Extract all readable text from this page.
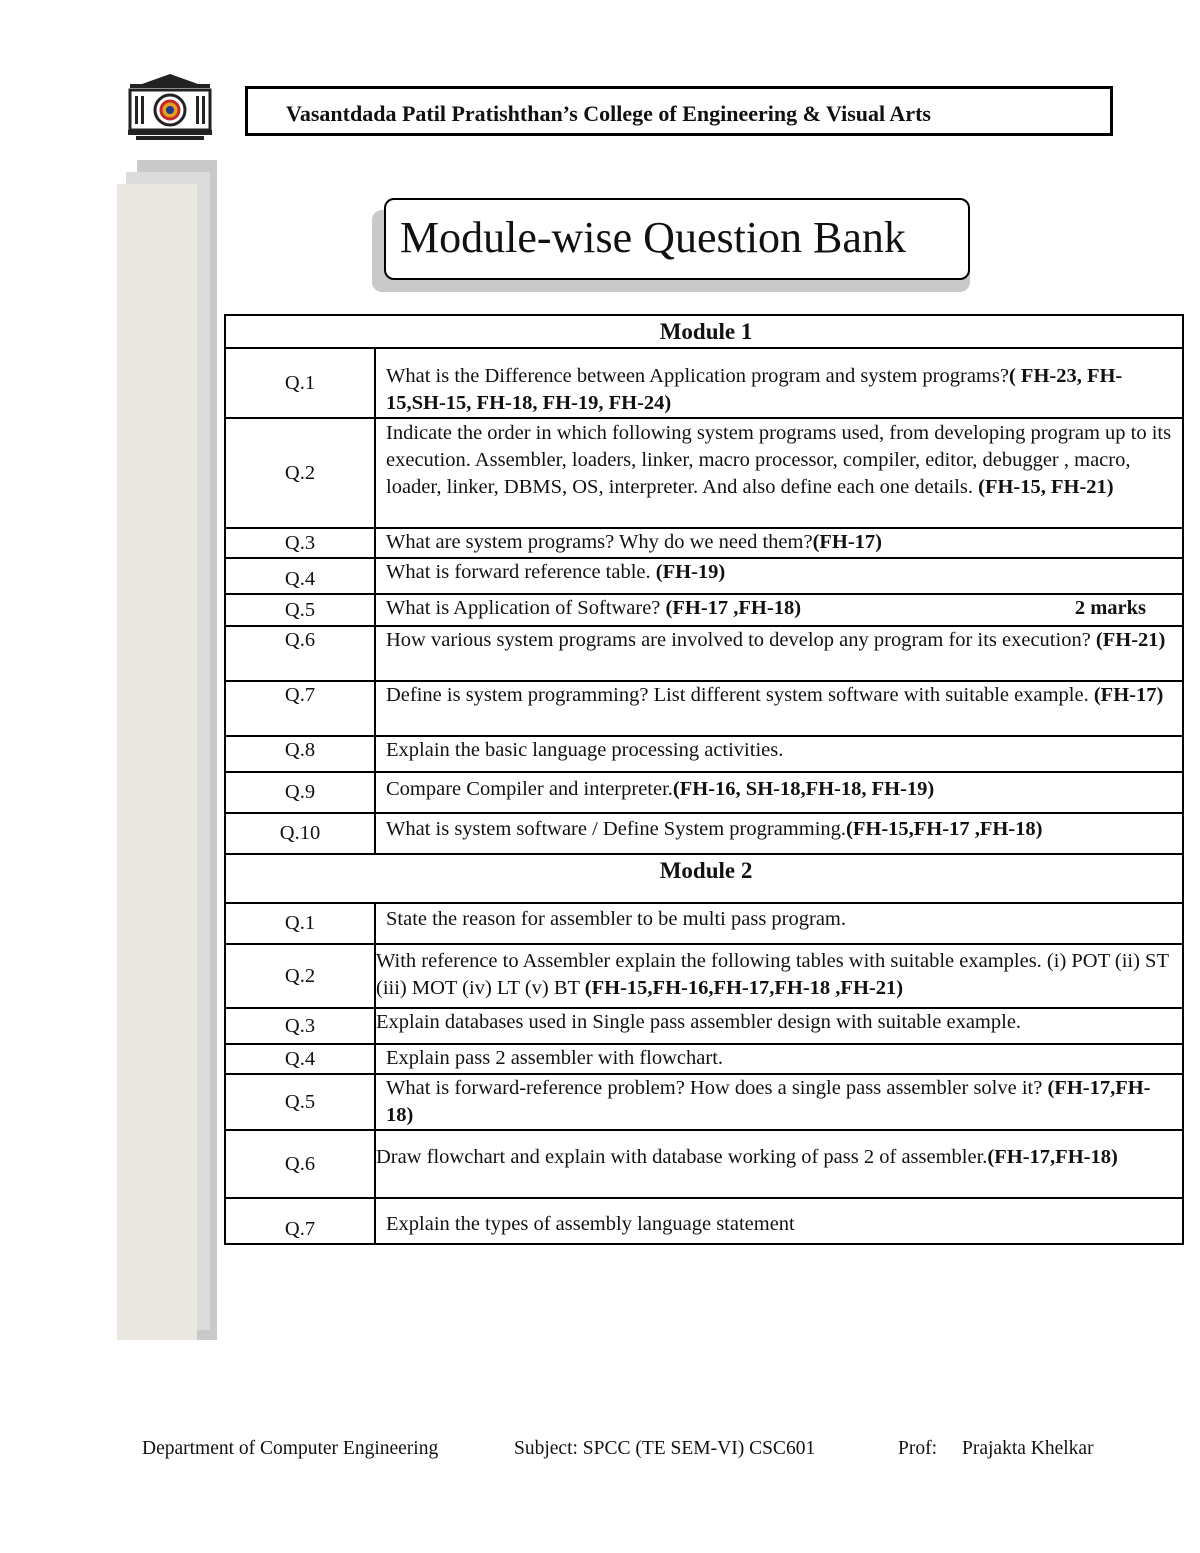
Vasantdada Patil Pratishthan’s College of Engineering & Visual Arts
Module-wise Question Bank
Module 1	
Q.1	What is the Difference between Application program and system programs?( FH-23, FH-15,SH-15, FH-18, FH-19, FH-24)
Q.2	Indicate the order in which following system programs used, from developing program up to its execution. Assembler, loaders, linker, macro processor, compiler, editor, debugger , macro, loader, linker, DBMS, OS, interpreter. And also define each one details. (FH-15, FH-21)
Q.3	What are system programs? Why do we need them?(FH-17)
Q.4	What is forward reference table. (FH-19)
Q.5	What is Application of Software? (FH-17 ,FH-18) 2 marks

Q.6	How various system programs are involved to develop any program for its execution? (FH-21)
Q.7	Define is system programming? List different system software with suitable example. (FH-17)
Q.8	Explain the basic language processing activities.
Q.9	Compare Compiler and interpreter.(FH-16, SH-18,FH-18, FH-19)
Q.10	What is system software / Define System programming.(FH-15,FH-17 ,FH-18)
Module 2	
Q.1	State the reason for assembler to be multi pass program.
Q.2	With reference to Assembler explain the following tables with suitable examples. (i) POT (ii) ST (iii) MOT (iv) LT (v) BT (FH-15,FH-16,FH-17,FH-18 ,FH-21)
Q.3	Explain databases used in Single pass assembler design with suitable example.
Q.4	Explain pass 2 assembler with flowchart.
Q.5	What is forward-reference problem? How does a single pass assembler solve it? (FH-17,FH-18)
Q.6	Draw flowchart and explain with database working of pass 2 of assembler.(FH-17,FH-18)
Q.7	Explain the types of assembly language statement
Department of Computer Engineering	Subject: SPCC (TE SEM-VI) CSC601	Prof: Prajakta Khelkar
